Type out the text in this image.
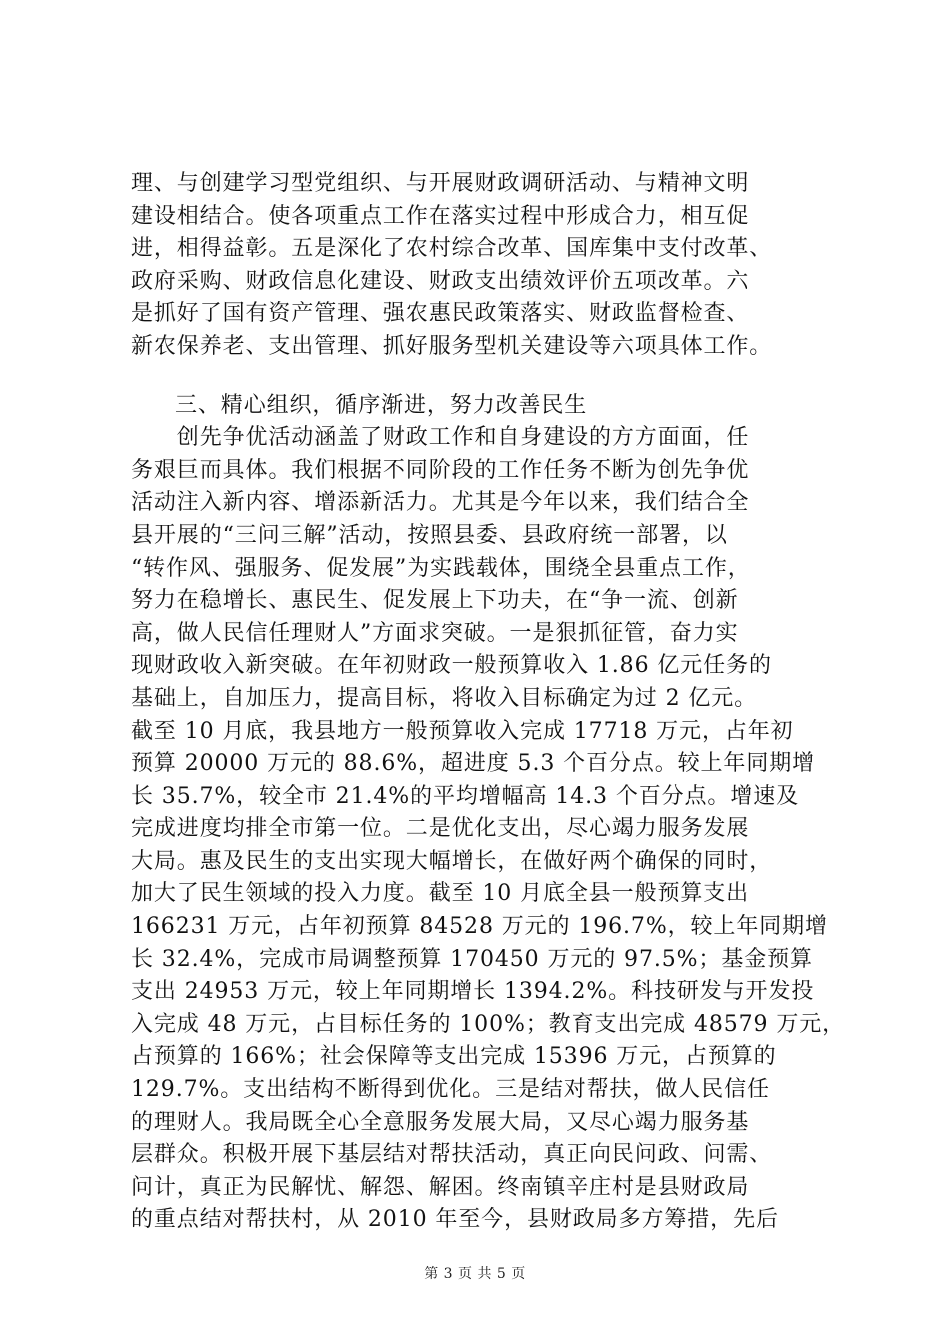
理、与创建学习型党组织、与开展财政调研活动、与精神文明
建设相结合。使各项重点工作在落实过程中形成合力，相互促
进，相得益彰。五是深化了农村综合改革、国库集中支付改革、
政府采购、财政信息化建设、财政支出绩效评价五项改革。六
是抓好了国有资产管理、强农惠民政策落实、财政监督检查、
新农保养老、支出管理、抓好服务型机关建设等六项具体工作。
三、精心组织，循序渐进，努力改善民生
　　创先争优活动涵盖了财政工作和自身建设的方方面面，任
务艰巨而具体。我们根据不同阶段的工作任务不断为创先争优
活动注入新内容、增添新活力。尤其是今年以来，我们结合全
县开展的“三问三解”活动，按照县委、县政府统一部署，以
“转作风、强服务、促发展”为实践载体，围绕全县重点工作，
努力在稳增长、惠民生、促发展上下功夫，在“争一流、创新
高，做人民信任理财人”方面求突破。一是狠抓征管，奋力实
现财政收入新突破。在年初财政一般预算收入 1.86 亿元任务的
基础上，自加压力，提高目标，将收入目标确定为过 2 亿元。
截至 10 月底，我县地方一般预算收入完成 17718 万元，占年初
预算 20000 万元的 88.6%，超进度 5.3 个百分点。较上年同期增
长 35.7%，较全市 21.4%的平均增幅高 14.3 个百分点。增速及
完成进度均排全市第一位。二是优化支出，尽心竭力服务发展
大局。惠及民生的支出实现大幅增长，在做好两个确保的同时，
加大了民生领域的投入力度。截至 10 月底全县一般预算支出
166231 万元，占年初预算 84528 万元的 196.7%，较上年同期增
长 32.4%，完成市局调整预算 170450 万元的 97.5%；基金预算
支出 24953 万元，较上年同期增长 1394.2%。科技研发与开发投
入完成 48 万元，占目标任务的 100%；教育支出完成 48579 万元，
占预算的 166%；社会保障等支出完成 15396 万元，占预算的
129.7%。支出结构不断得到优化。三是结对帮扶，做人民信任
的理财人。我局既全心全意服务发展大局，又尽心竭力服务基
层群众。积极开展下基层结对帮扶活动，真正向民问政、问需、
问计，真正为民解忧、解怨、解困。终南镇辛庄村是县财政局
的重点结对帮扶村，从 2010 年至今，县财政局多方筹措，先后
第 3 页 共 5 页
